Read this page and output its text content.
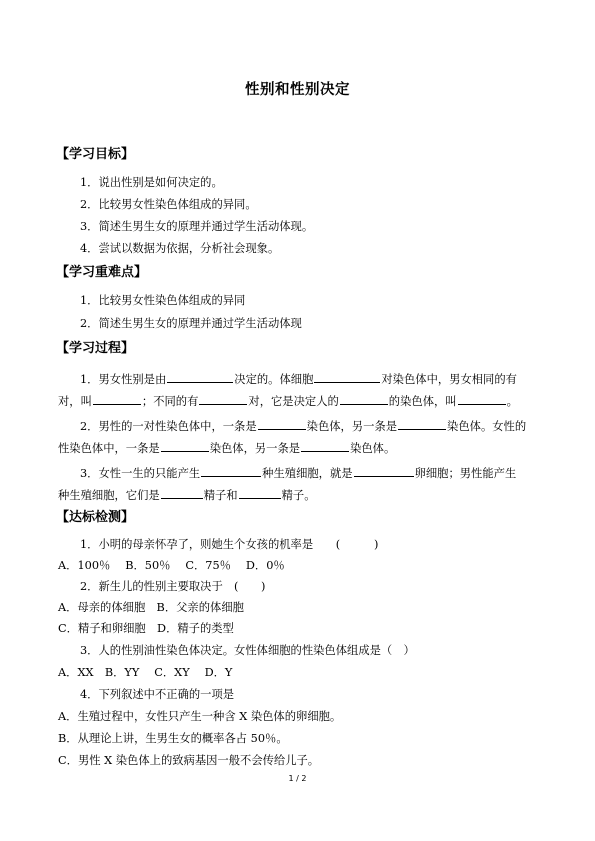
性别和性别决定
【学习目标】
1．说出性别是如何决定的。
2．比较男女性染色体组成的异同。
3．简述生男生女的原理并通过学生活动体现。
4．尝试以数据为依据，分析社会现象。
【学习重难点】
1．比较男女性染色体组成的异同
2．简述生男生女的原理并通过学生活动体现
【学习过程】
1．男女性别是由	决定的。体细胞	对染色体中，男女相同的有
对，叫	；不同的有	对，它是决定人的	的染色体，叫	。
2．男性的一对性染色体中，一条是	染色体，另一条是	染色体。女性的
性染色体中，一条是	染色体，另一条是	染色体。
3．女性一生的只能产生	种生殖细胞，就是	卵细胞；男性能产生
种生殖细胞，它们是	精子和	精子。
【达标检测】
1．小明的母亲怀孕了，则她生个女孩的机率是　　(　　　)
A．100％　 B．50％　 C．75％　 D．0％
2．新生儿的性别主要取决于　(　　)
A．母亲的体细胞　B．父亲的体细胞
C．精子和卵细胞　D．精子的类型
3．人的性别油性染色体决定。女性体细胞的性染色体组成是（　）
A．XX　B．YY　 C．XY　 D．Y
4．下列叙述中不正确的一项是
A．生殖过程中，女性只产生一种含 X 染色体的卵细胞。
B．从理论上讲，生男生女的概率各占 50％。
C．男性 X 染色体上的致病基因一般不会传给儿子。
1 / 2
